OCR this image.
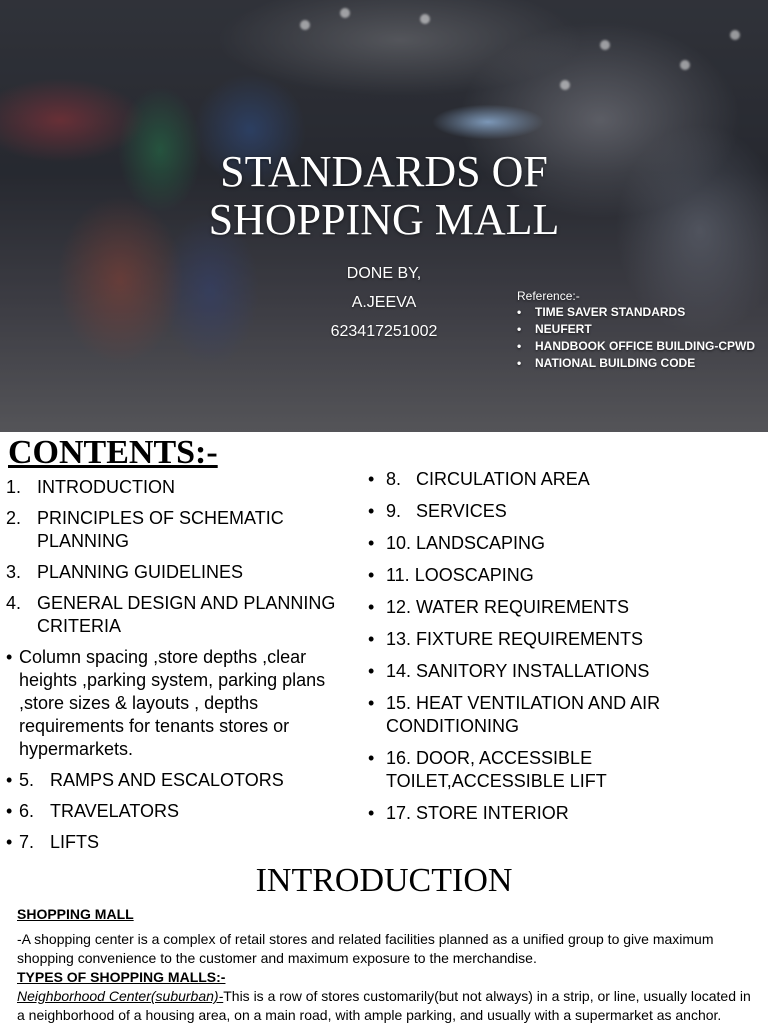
STANDARDS OF
SHOPPING MALL
DONE BY,
A.JEEVA
623417251002
Reference:-
• TIME SAVER STANDARDS
• NEUFERT
• HANDBOOK OFFICE BUILDING-CPWD
• NATIONAL BUILDING CODE
CONTENTS:-
1. INTRODUCTION
2. PRINCIPLES OF SCHEMATIC PLANNING
3. PLANNING GUIDELINES
4. GENERAL DESIGN AND PLANNING CRITERIA
• Column spacing ,store depths ,clear heights ,parking system, parking plans ,store sizes & layouts , depths requirements for tenants stores or hypermarkets.
• 5. RAMPS AND ESCALOTORS
• 6. TRAVELATORS
• 7. LIFTS
• 8.   CIRCULATION AREA
• 9.   SERVICES
• 10. LANDSCAPING
• 11. LOOSCAPING
• 12. WATER REQUIREMENTS
• 13. FIXTURE REQUIREMENTS
• 14. SANITORY INSTALLATIONS
• 15. HEAT VENTILATION AND AIR CONDITIONING
• 16. DOOR, ACCESSIBLE TOILET,ACCESSIBLE LIFT
• 17. STORE INTERIOR
INTRODUCTION

SHOPPING MALL

-A shopping center is a complex of retail stores and related facilities planned as a unified group to give maximum shopping convenience to the customer and maximum exposure to the merchandise.

TYPES OF SHOPPING MALLS:-

Neighborhood Center(suburban)-This is a row of stores customarily(but not always) in a strip, or line, usually located in a neighborhood of a housing area, on a main road, with ample parking, and usually with a supermarket as anchor.
